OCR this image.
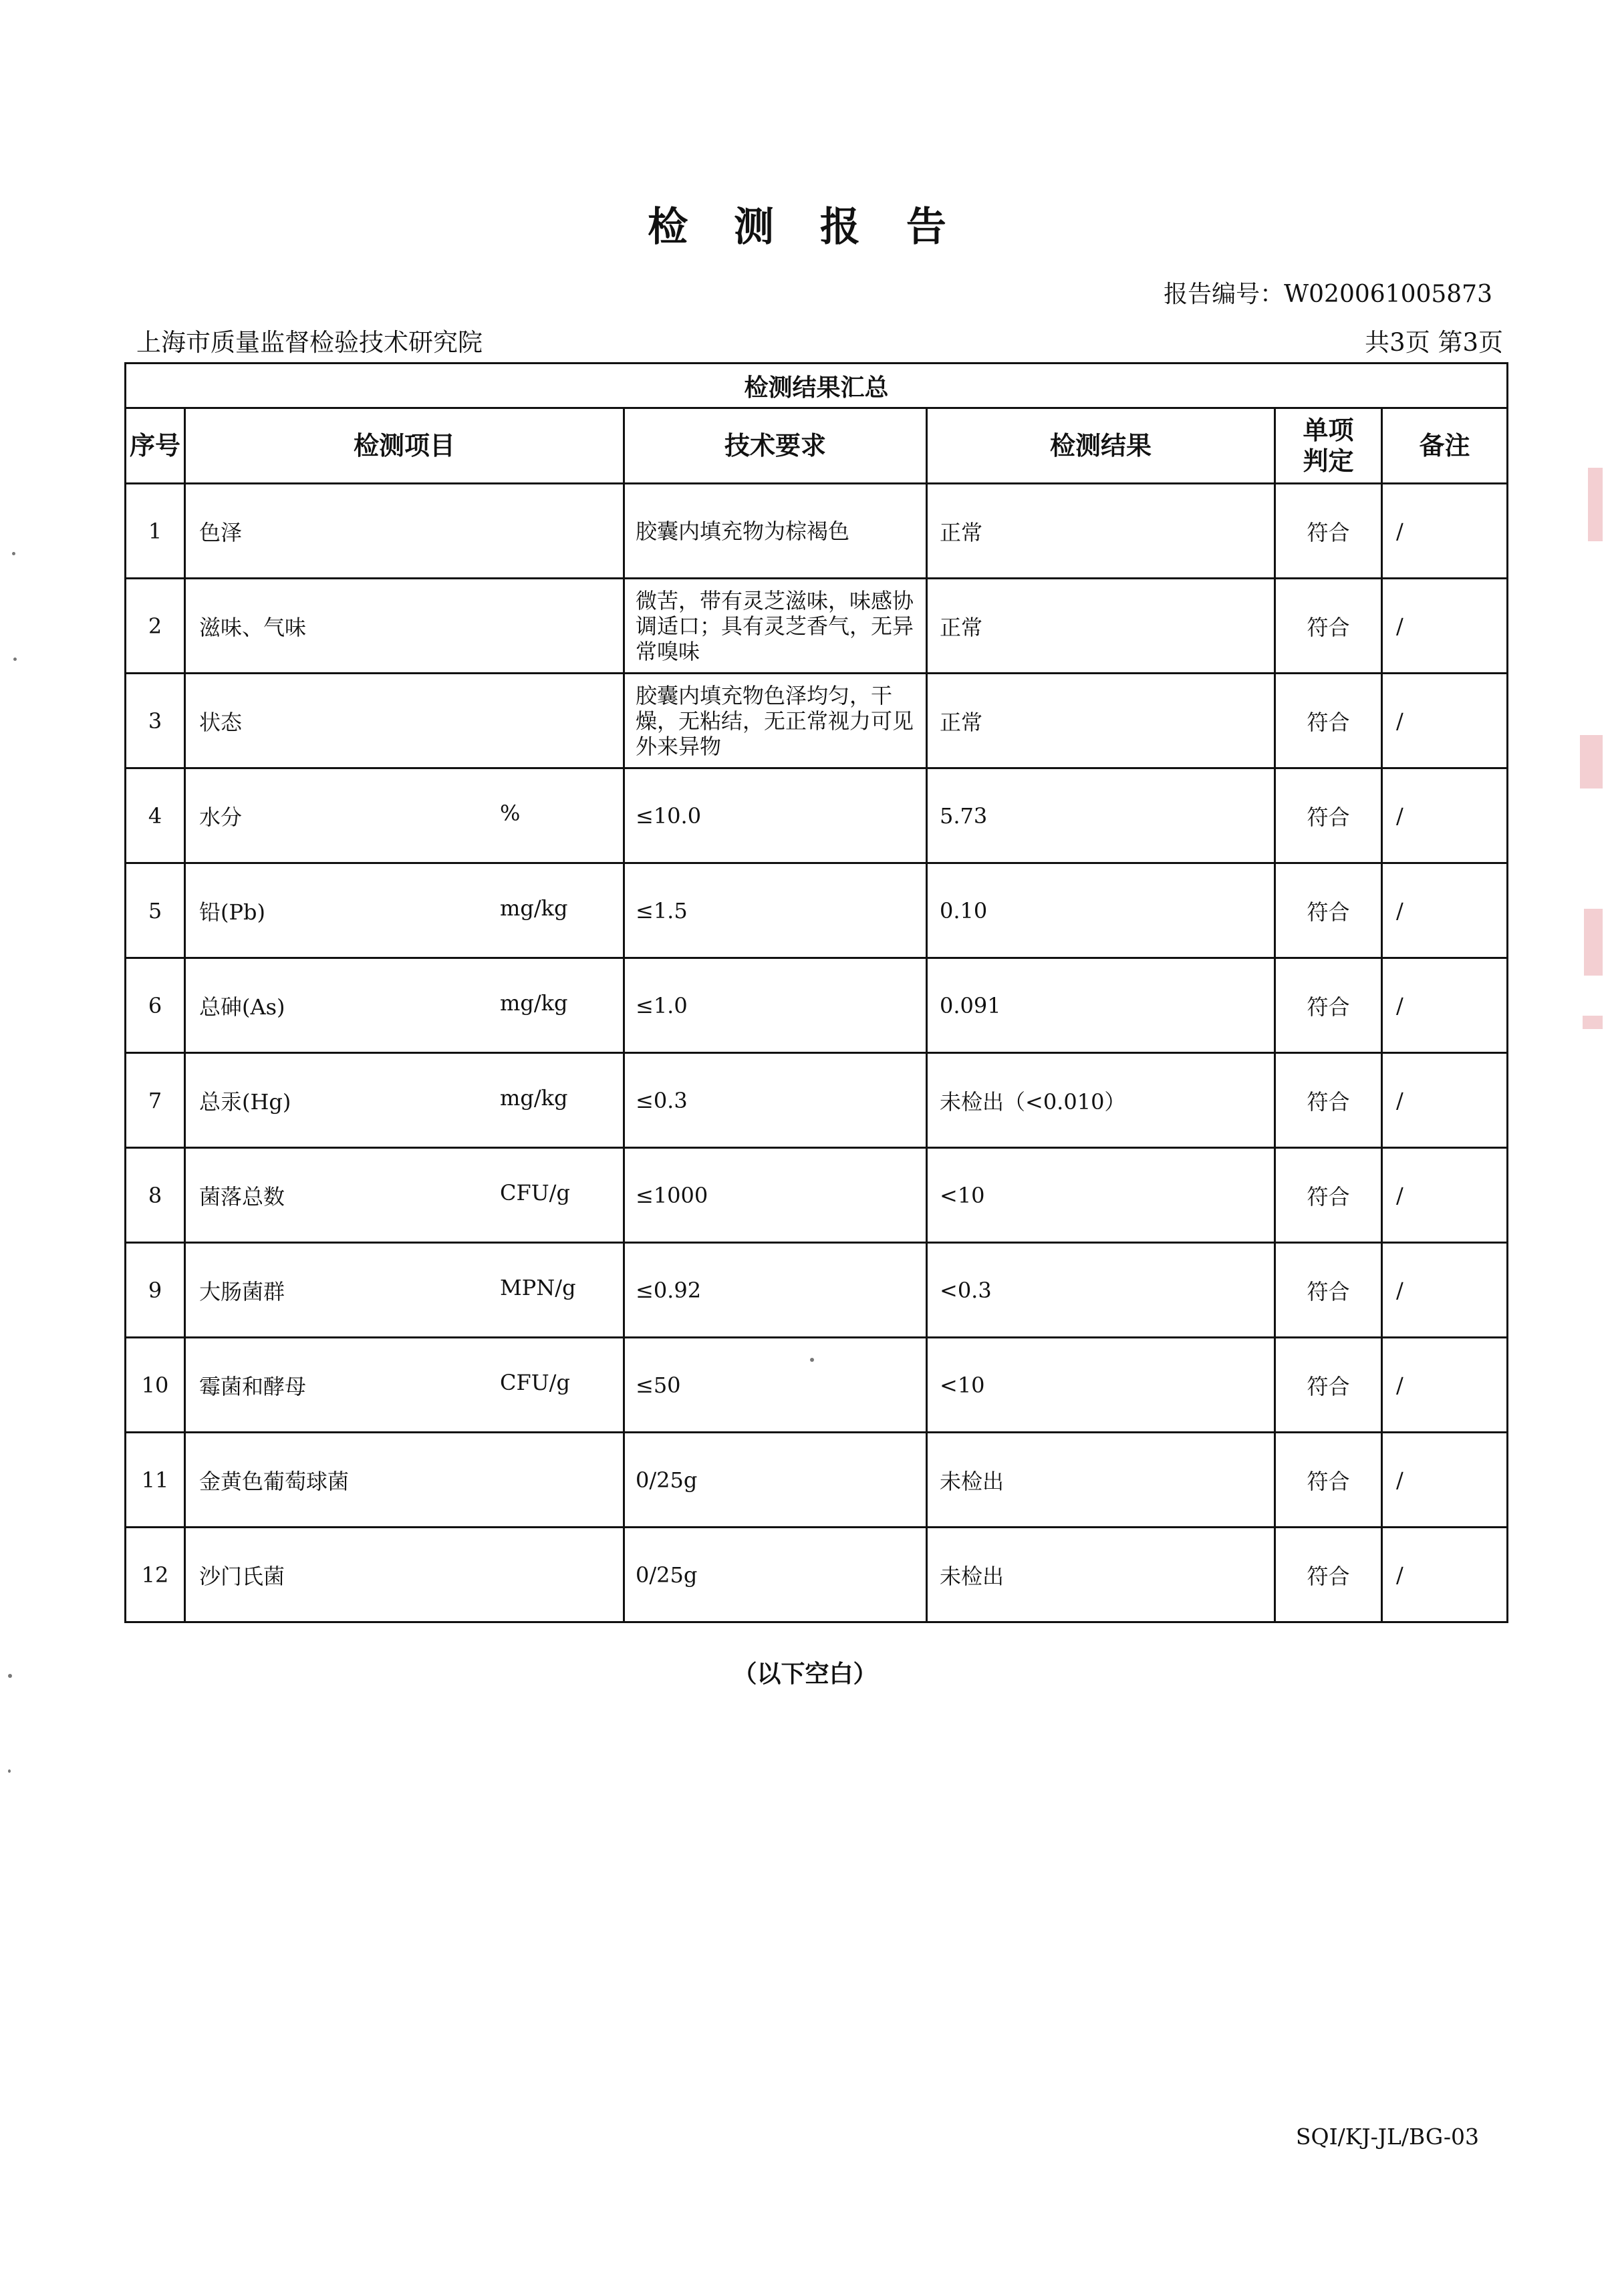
检 测 报 告
报告编号：W020061005873
上海市质量监督检验技术研究院	共3页 第3页
检测结果汇总					
序号	检测项目	技术要求	检测结果	单项判定	备注
1	色泽	胶囊内填充物为棕褐色	正常	符合	/
2	滋味、气味	微苦，带有灵芝滋味，味感协调适口；具有灵芝香气，无异常嗅味	正常	符合	/
3	状态	胶囊内填充物色泽均匀，干燥，无粘结，无正常视力可见外来异物	正常	符合	/
4	水分 %	≤10.0	5.73	符合	/
5	铅(Pb) mg/kg	≤1.5	0.10	符合	/
6	总砷(As) mg/kg	≤1.0	0.091	符合	/
7	总汞(Hg) mg/kg	≤0.3	未检出（<0.010）	符合	/
8	菌落总数 CFU/g	≤1000	<10	符合	/
9	大肠菌群 MPN/g	≤0.92	<0.3	符合	/
10	霉菌和酵母 CFU/g	≤50	<10	符合	/
11	金黄色葡萄球菌	0/25g	未检出	符合	/
12	沙门氏菌	0/25g	未检出	符合	/
（以下空白）
SQI/KJ-JL/BG-03
